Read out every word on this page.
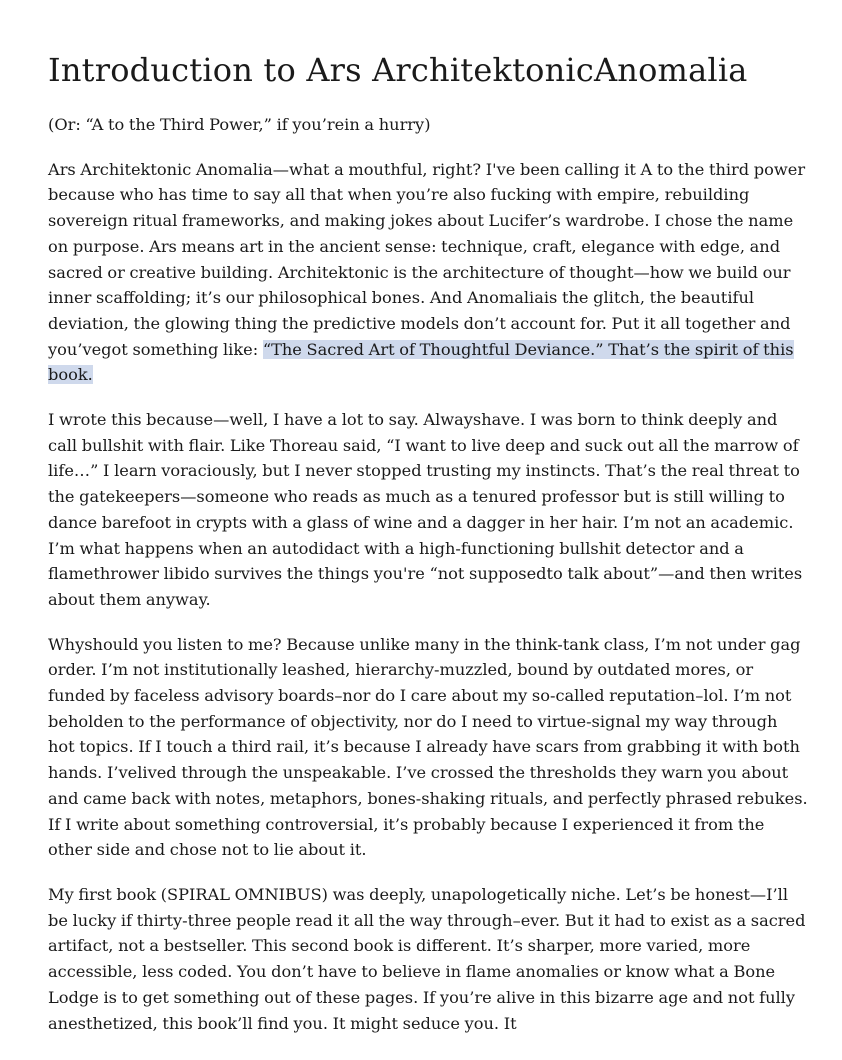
Introduction to Ars ArchitektonicAnomalia

(Or: “A to the Third Power,” if you’rein a hurry)

Ars Architektonic Anomalia—what a mouthful, right? I've been calling it A to the third power because who has time to say all that when you’re also fucking with empire, rebuilding sovereign ritual frameworks, and making jokes about Lucifer’s wardrobe. I chose the name on purpose. Ars means art in the ancient sense: technique, craft, elegance with edge, and sacred or creative building. Architektonic is the architecture of thought—how we build our inner scaffolding; it’s our philosophical bones. And Anomaliais the glitch, the beautiful deviation, the glowing thing the predictive models don’t account for. Put it all together and you’vegot something like: “The Sacred Art of Thoughtful Deviance.” That’s the spirit of this book.

I wrote this because—well, I have a lot to say. Alwayshave. I was born to think deeply and call bullshit with flair. Like Thoreau said, “I want to live deep and suck out all the marrow of life…” I learn voraciously, but I never stopped trusting my instincts. That’s the real threat to the gatekeepers—someone who reads as much as a tenured professor but is still willing to dance barefoot in crypts with a glass of wine and a dagger in her hair. I’m not an academic. I’m what happens when an autodidact with a high-functioning bullshit detector and a flamethrower libido survives the things you're “not supposedto talk about”—and then writes about them anyway.

Whyshould you listen to me? Because unlike many in the think-tank class, I’m not under gag order. I’m not institutionally leashed, hierarchy-muzzled, bound by outdated mores, or funded by faceless advisory boards–nor do I care about my so-called reputation–lol. I’m not beholden to the performance of objectivity, nor do I need to virtue-signal my way through hot topics. If I touch a third rail, it’s because I already have scars from grabbing it with both hands. I’velived through the unspeakable. I’ve crossed the thresholds they warn you about and came back with notes, metaphors, bones-shaking rituals, and perfectly phrased rebukes. If I write about something controversial, it’s probably because I experienced it from the other side and chose not to lie about it.

My first book (SPIRAL OMNIBUS) was deeply, unapologetically niche. Let’s be honest—I’ll be lucky if thirty-three people read it all the way through–ever. But it had to exist as a sacred artifact, not a bestseller. This second book is different. It’s sharper, more varied, more accessible, less coded. You don’t have to believe in flame anomalies or know what a Bone Lodge is to get something out of these pages. If you’re alive in this bizarre age and not fully anesthetized, this book’ll find you. It might seduce you. It
